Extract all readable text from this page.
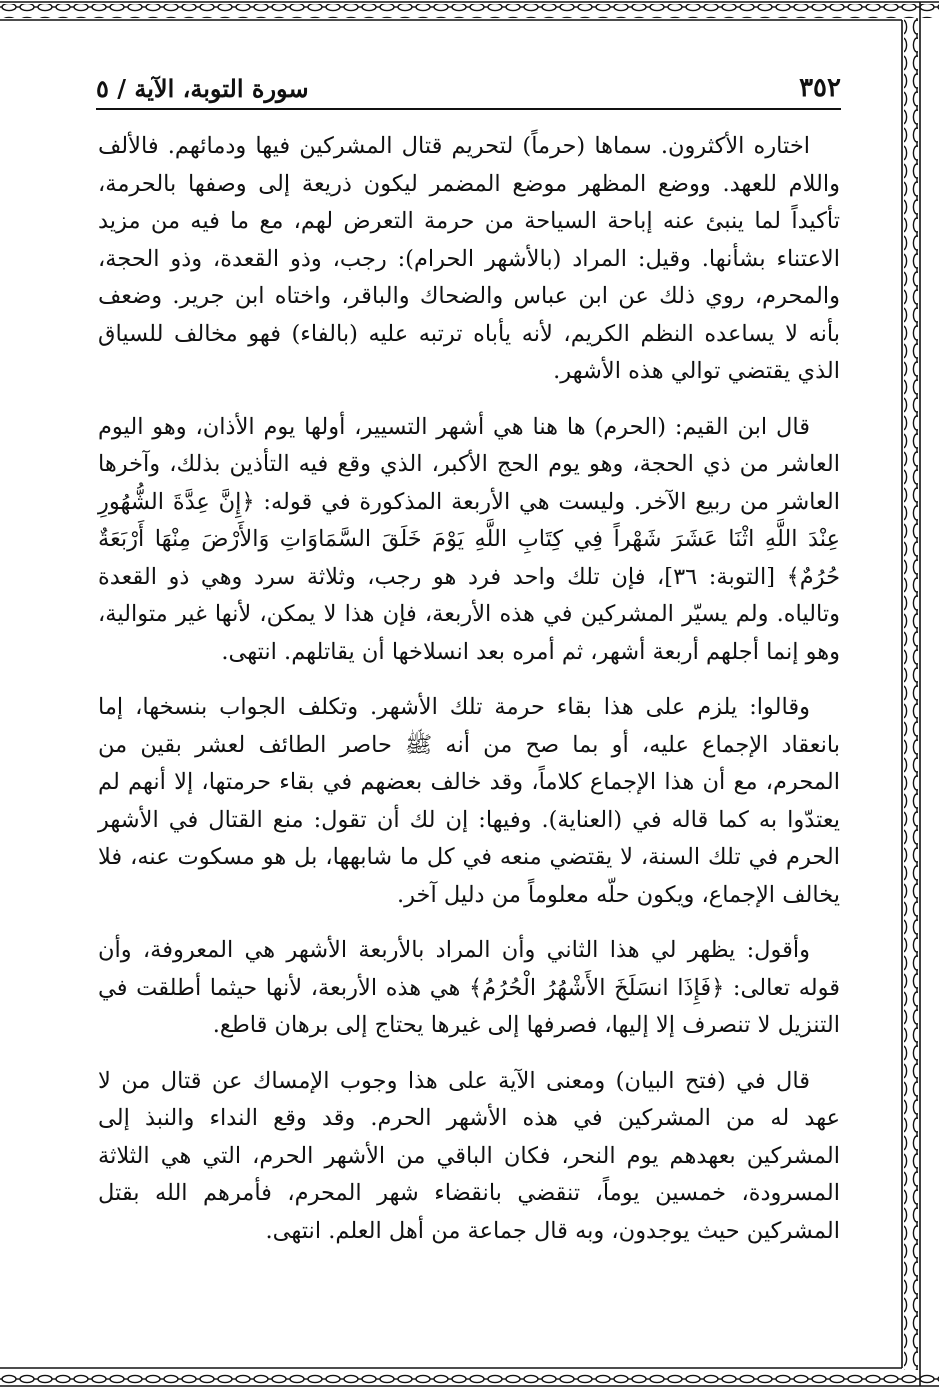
٣٥٢
سورة التوبة، الآية / ٥

اختاره الأكثرون. سماها (حرماً) لتحريم قتال المشركين فيها ودمائهم. فالألف واللام للعهد. ووضع المظهر موضع المضمر ليكون ذريعة إلى وصفها بالحرمة، تأكيداً لما ينبئ عنه إباحة السياحة من حرمة التعرض لهم، مع ما فيه من مزيد الاعتناء بشأنها. وقيل: المراد (بالأشهر الحرام): رجب، وذو القعدة، وذو الحجة، والمحرم، روي ذلك عن ابن عباس والضحاك والباقر، واختاه ابن جرير. وضعف بأنه لا يساعده النظم الكريم، لأنه يأباه ترتبه عليه (بالفاء) فهو مخالف للسياق الذي يقتضي توالي هذه الأشهر.

قال ابن القيم: (الحرم) ها هنا هي أشهر التسيير، أولها يوم الأذان، وهو اليوم العاشر من ذي الحجة، وهو يوم الحج الأكبر، الذي وقع فيه التأذين بذلك، وآخرها العاشر من ربيع الآخر. وليست هي الأربعة المذكورة في قوله: ﴿إِنَّ عِدَّةَ الشُّهُورِ عِنْدَ اللَّهِ اثْنَا عَشَرَ شَهْراً فِي كِتَابِ اللَّهِ يَوْمَ خَلَقَ السَّمَاوَاتِ وَالأَرْضَ مِنْهَا أَرْبَعَةٌ حُرُمٌ﴾ [التوبة: ٣٦]، فإن تلك واحد فرد هو رجب، وثلاثة سرد وهي ذو القعدة وتالياه. ولم يسيّر المشركين في هذه الأربعة، فإن هذا لا يمكن، لأنها غير متوالية، وهو إنما أجلهم أربعة أشهر، ثم أمره بعد انسلاخها أن يقاتلهم. انتهى.

وقالوا: يلزم على هذا بقاء حرمة تلك الأشهر. وتكلف الجواب بنسخها، إما بانعقاد الإجماع عليه، أو بما صح من أنه ﷺ حاصر الطائف لعشر بقين من المحرم، مع أن هذا الإجماع كلاماً، وقد خالف بعضهم في بقاء حرمتها، إلا أنهم لم يعتدّوا به كما قاله في (العناية). وفيها: إن لك أن تقول: منع القتال في الأشهر الحرم في تلك السنة، لا يقتضي منعه في كل ما شابهها، بل هو مسكوت عنه، فلا يخالف الإجماع، ويكون حلّه معلوماً من دليل آخر.

وأقول: يظهر لي هذا الثاني وأن المراد بالأربعة الأشهر هي المعروفة، وأن قوله تعالى: ﴿فَإِذَا انسَلَخَ الأَشْهُرُ الْحُرُمُ﴾ هي هذه الأربعة، لأنها حيثما أطلقت في التنزيل لا تنصرف إلا إليها، فصرفها إلى غيرها يحتاج إلى برهان قاطع.

قال في (فتح البيان) ومعنى الآية على هذا وجوب الإمساك عن قتال من لا عهد له من المشركين في هذه الأشهر الحرم. وقد وقع النداء والنبذ إلى المشركين بعهدهم يوم النحر، فكان الباقي من الأشهر الحرم، التي هي الثلاثة المسرودة، خمسين يوماً، تنقضي بانقضاء شهر المحرم، فأمرهم الله بقتل المشركين حيث يوجدون، وبه قال جماعة من أهل العلم. انتهى.
